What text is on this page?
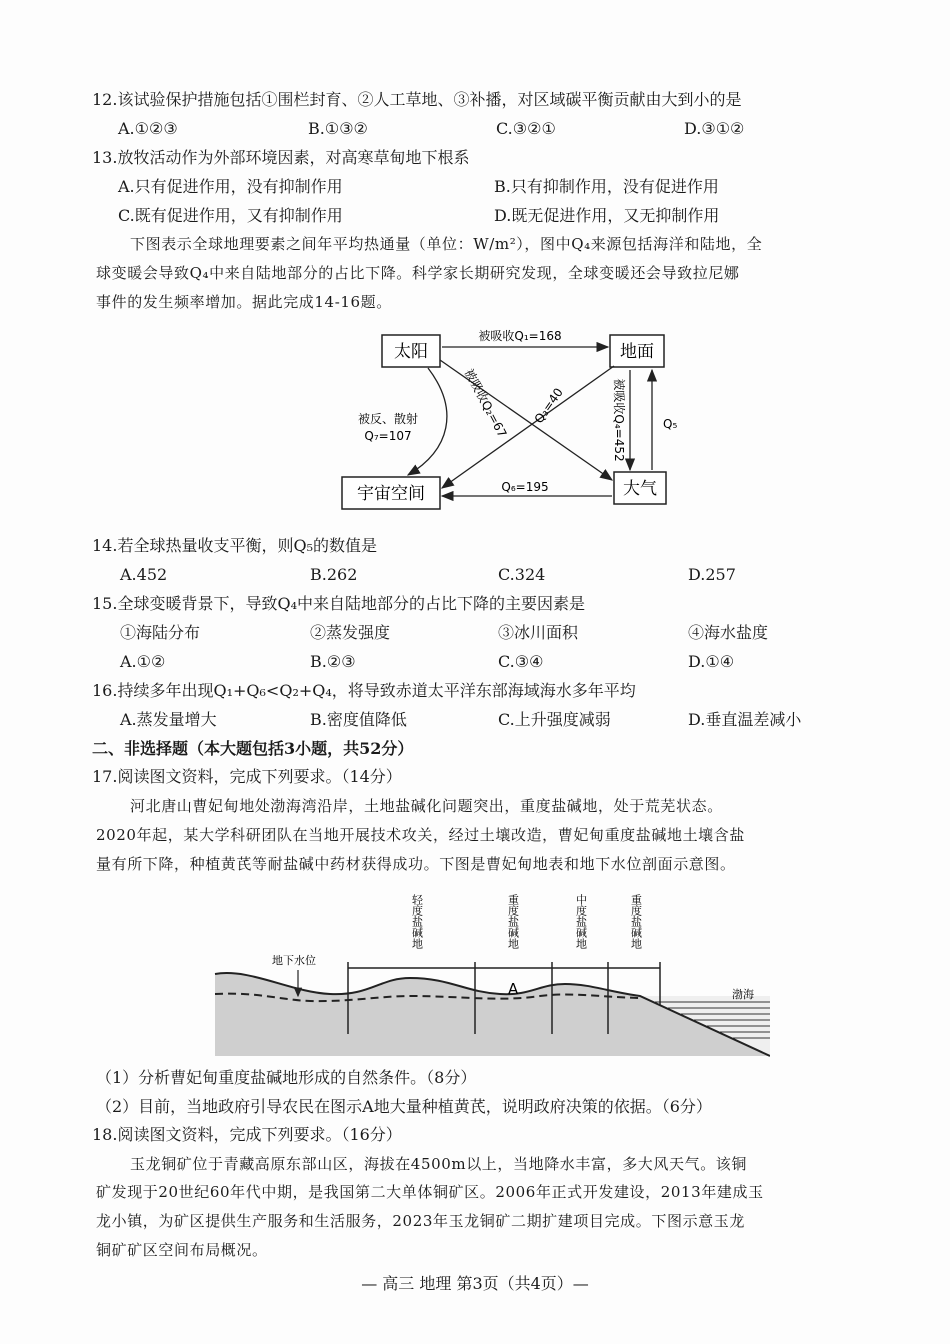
12.该试验保护措施包括①围栏封育、②人工草地、③补播，对区域碳平衡贡献由大到小的是
A.①②③	B.①③②	C.③②①	D.③①②
13.放牧活动作为外部环境因素，对高寒草甸地下根系
A.只有促进作用，没有抑制作用	B.只有抑制作用，没有促进作用
C.既有促进作用，又有抑制作用	D.既无促进作用，又无抑制作用
下图表示全球地理要素之间年平均热通量（单位：W/m²），图中Q₄来源包括海洋和陆地，全
球变暖会导致Q₄中来自陆地部分的占比下降。科学家长期研究发现，全球变暖还会导致拉尼娜
事件的发生频率增加。据此完成14-16题。
太阳	地面
宇宙空间	大气
被吸收Q₁=168
被吸收Q₂=67 Q₃=40	被吸收Q₄=452	Q₅
Q₆=195
被反、散射
Q₇=107
14.若全球热量收支平衡，则Q₅的数值是
A.452	B.262	C.324	D.257
15.全球变暖背景下，导致Q₄中来自陆地部分的占比下降的主要因素是
①海陆分布	②蒸发强度	③冰川面积	④海水盐度
A.①②	B.②③	C.③④	D.①④
16.持续多年出现Q₁+Q₆<Q₂+Q₄，将导致赤道太平洋东部海域海水多年平均
A.蒸发量增大	B.密度值降低	C.上升强度减弱	D.垂直温差减小
二、非选择题（本大题包括3小题，共52分）
17.阅读图文资料，完成下列要求。（14分）
河北唐山曹妃甸地处渤海湾沿岸，土地盐碱化问题突出，重度盐碱地，处于荒芜状态。
2020年起，某大学科研团队在当地开展技术攻关，经过土壤改造，曹妃甸重度盐碱地土壤含盐
量有所下降，种植黄芪等耐盐碱中药材获得成功。下图是曹妃甸地表和地下水位剖面示意图。
轻度盐碱地	重度盐碱地	中度盐碱地	重度盐碱地
地下水位
A	渤海
（1）分析曹妃甸重度盐碱地形成的自然条件。（8分）
（2）目前，当地政府引导农民在图示A地大量种植黄芪，说明政府决策的依据。（6分）
18.阅读图文资料，完成下列要求。（16分）
玉龙铜矿位于青藏高原东部山区，海拔在4500m以上，当地降水丰富，多大风天气。该铜
矿发现于20世纪60年代中期，是我国第二大单体铜矿区。2006年正式开发建设，2013年建成玉
龙小镇，为矿区提供生产服务和生活服务，2023年玉龙铜矿二期扩建项目完成。下图示意玉龙
铜矿矿区空间布局概况。
— 高三 地理 第3页（共4页）—
